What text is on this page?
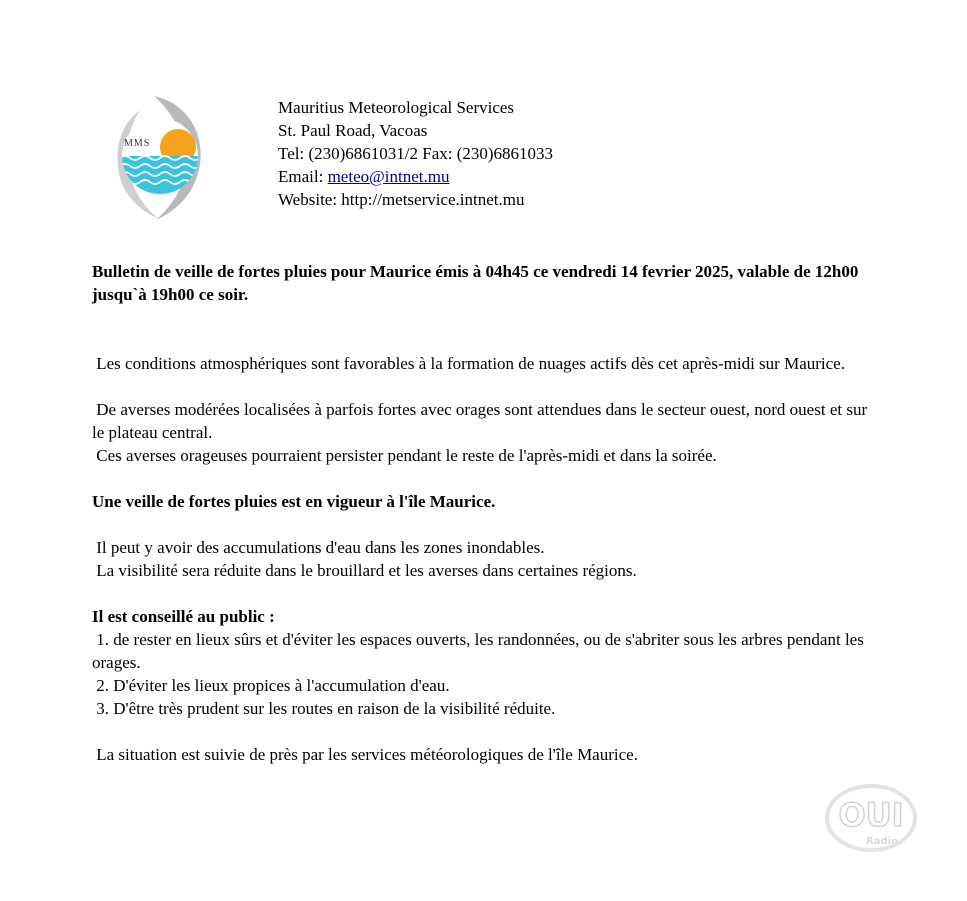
MMS
Mauritius Meteorological Services
St. Paul Road, Vacoas
Tel: (230)6861031/2 Fax: (230)6861033
Email: meteo@intnet.mu
Website: http://metservice.intnet.mu

Bulletin de veille de fortes pluies pour Maurice émis à 04h45 ce vendredi 14 fevrier 2025, valable de 12h00 jusqu`à 19h00 ce soir.

Les conditions atmosphériques sont favorables à la formation de nuages actifs dès cet après-midi sur Maurice.

De averses modérées localisées à parfois fortes avec orages sont attendues dans le secteur ouest, nord ouest et sur le plateau central.

Ces averses orageuses pourraient persister pendant le reste de l'après-midi et dans la soirée.

Une veille de fortes pluies est en vigueur à l'île Maurice.

Il peut y avoir des accumulations d'eau dans les zones inondables.

La visibilité sera réduite dans le brouillard et les averses dans certaines régions.

Il est conseillé au public :

1. de rester en lieux sûrs et d'éviter les espaces ouverts, les randonnées, ou de s'abriter sous les arbres pendant les orages.

2. D'éviter les lieux propices à l'accumulation d'eau.

3. D'être très prudent sur les routes en raison de la visibilité réduite.

La situation est suivie de près par les services météorologiques de l'île Maurice.

OUI
Radio
